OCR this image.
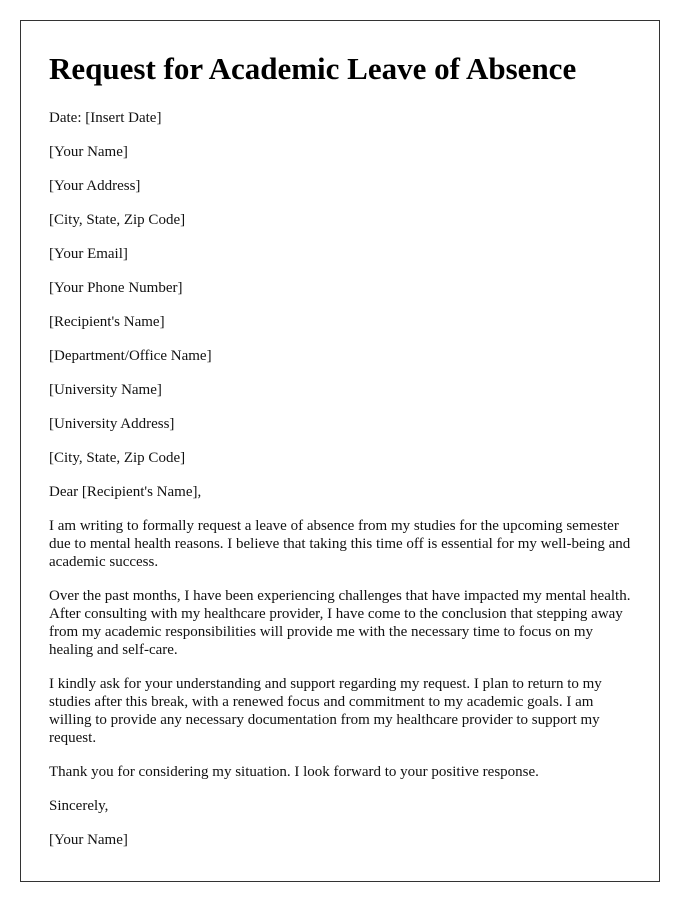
Request for Academic Leave of Absence
Date: [Insert Date]
[Your Name]
[Your Address]
[City, State, Zip Code]
[Your Email]
[Your Phone Number]
[Recipient's Name]
[Department/Office Name]
[University Name]
[University Address]
[City, State, Zip Code]
Dear [Recipient's Name],

I am writing to formally request a leave of absence from my studies for the upcoming semester due to mental health reasons. I believe that taking this time off is essential for my well-being and academic success.

Over the past months, I have been experiencing challenges that have impacted my mental health. After consulting with my healthcare provider, I have come to the conclusion that stepping away from my academic responsibilities will provide me with the necessary time to focus on my healing and self-care.

I kindly ask for your understanding and support regarding my request. I plan to return to my studies after this break, with a renewed focus and commitment to my academic goals. I am willing to provide any necessary documentation from my healthcare provider to support my request.

Thank you for considering my situation. I look forward to your positive response.

Sincerely,
[Your Name]
